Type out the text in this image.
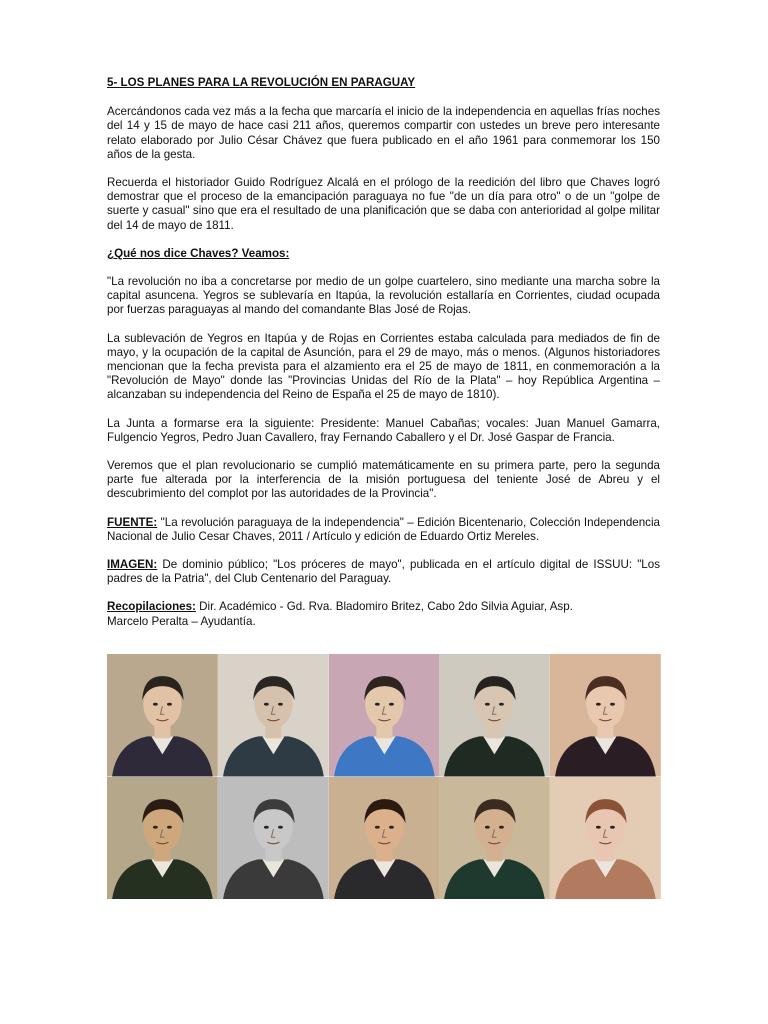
5- LOS PLANES PARA LA REVOLUCIÓN EN PARAGUAY

Acercándonos cada vez más a la fecha que marcaría el inicio de la independencia en aquellas frías noches del 14 y 15 de mayo de hace casi 211 años, queremos compartir con ustedes un breve pero interesante relato elaborado por Julio César Chávez que fuera publicado en el año 1961 para conmemorar los 150 años de la gesta.

Recuerda el historiador Guido Rodríguez Alcalá en el prólogo de la reedición del libro que Chaves logró demostrar que el proceso de la emancipación paraguaya no fue "de un día para otro" o de un "golpe de suerte y casual" sino que era el resultado de una planificación que se daba con anterioridad al golpe militar del 14 de mayo de 1811.

¿Qué nos dice Chaves? Veamos:

"La revolución no iba a concretarse por medio de un golpe cuartelero, sino mediante una marcha sobre la capital asuncena. Yegros se sublevaría en Itapúa, la revolución estallaría en Corrientes, ciudad ocupada por fuerzas paraguayas al mando del comandante Blas José de Rojas.

La sublevación de Yegros en Itapúa y de Rojas en Corrientes estaba calculada para mediados de fin de mayo, y la ocupación de la capital de Asunción, para el 29 de mayo, más o menos. (Algunos historiadores mencionan que la fecha prevista para el alzamiento era el 25 de mayo de 1811, en conmemoración a la "Revolución de Mayo" donde las "Provincias Unidas del Río de la Plata" – hoy República Argentina – alcanzaban su independencia del Reino de España el 25 de mayo de 1810).

La Junta a formarse era la siguiente: Presidente: Manuel Cabañas; vocales: Juan Manuel Gamarra, Fulgencio Yegros, Pedro Juan Cavallero, fray Fernando Caballero y el Dr. José Gaspar de Francia.

Veremos que el plan revolucionario se cumplió matemáticamente en su primera parte, pero la segunda parte fue alterada por la interferencia de la misión portuguesa del teniente José de Abreu y el descubrimiento del complot por las autoridades de la Provincia".

FUENTE: "La revolución paraguaya de la independencia" – Edición Bicentenario, Colección Independencia Nacional de Julio Cesar Chaves, 2011 / Artículo y edición de Eduardo Ortiz Mereles.

IMAGEN: De dominio público; "Los próceres de mayo", publicada en el artículo digital de ISSUU: "Los padres de la Patria", del Club Centenario del Paraguay.

Recopilaciones: Dir. Académico - Gd. Rva. Bladomiro Britez, Cabo 2do Silvia Aguiar, Asp.
Marcelo Peralta – Ayudantía.
